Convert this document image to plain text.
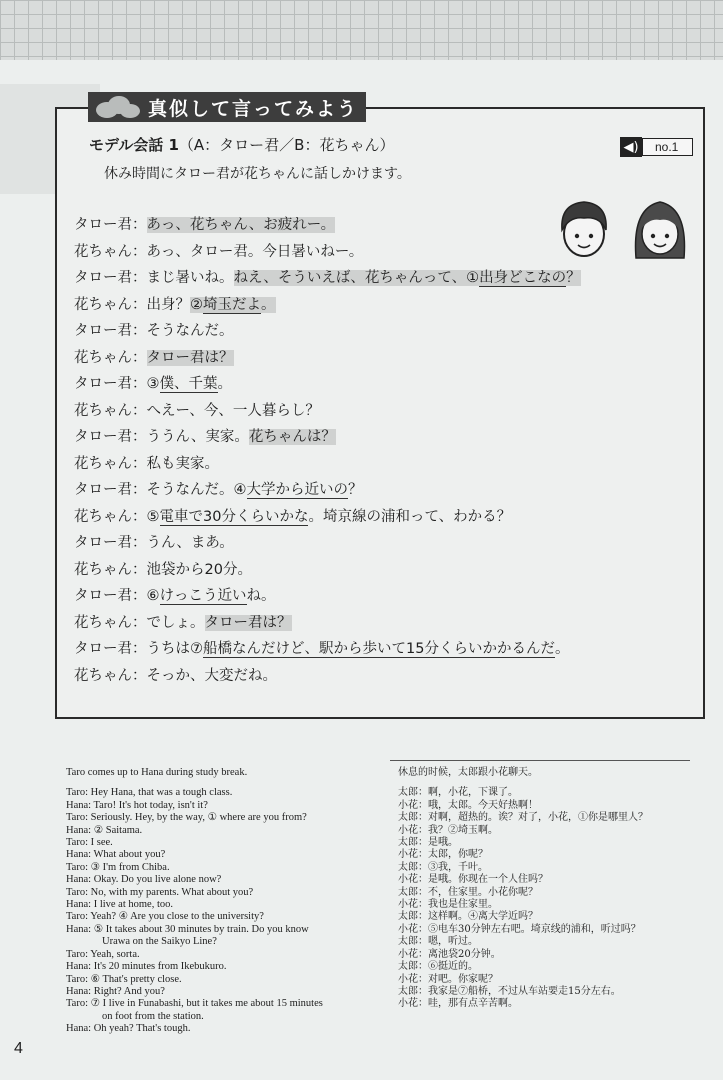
真似して言ってみよう
モデル会話 1（A：タロー君／B：花ちゃん）	◀)	no.1
休み時間にタロー君が花ちゃんに話しかけます。
タロー君：あっ、花ちゃん、お疲れー。
花ちゃん：あっ、タロー君。今日暑いねー。
タロー君：まじ暑いね。ねえ、そういえば、花ちゃんって、①出身どこなの？
花ちゃん：出身？②埼玉だよ。
タロー君：そうなんだ。
花ちゃん：タロー君は？
タロー君：③僕、千葉。
花ちゃん：へえー、今、一人暮らし？
タロー君：ううん、実家。花ちゃんは？
花ちゃん：私も実家。
タロー君：そうなんだ。④大学から近いの？
花ちゃん：⑤電車で30分くらいかな。埼京線の浦和って、わかる？
タロー君：うん、まあ。
花ちゃん：池袋から20分。
タロー君：⑥けっこう近いね。
花ちゃん：でしょ。タロー君は？
タロー君：うちは⑦船橋なんだけど、駅から歩いて15分くらいかかるんだ。
花ちゃん：そっか、大変だね。
Taro comes up to Hana during study break.
Taro: Hey Hana, that was a tough class.
Hana: Taro! It's hot today, isn't it?
Taro: Seriously. Hey, by the way, ① where are you from?
Hana: ② Saitama.
Taro: I see.
Hana: What about you?
Taro: ③ I'm from Chiba.
Hana: Okay. Do you live alone now?
Taro: No, with my parents. What about you?
Hana: I live at home, too.
Taro: Yeah? ④ Are you close to the university?
Hana: ⑤ It takes about 30 minutes by train. Do you know
Urawa on the Saikyo Line?
Taro: Yeah, sorta.
Hana: It's 20 minutes from Ikebukuro.
Taro: ⑥ That's pretty close.
Hana: Right? And you?
Taro: ⑦ I live in Funabashi, but it takes me about 15 minutes
on foot from the station.
Hana: Oh yeah? That's tough.
休息的时候，太郎跟小花聊天。
太郎：啊，小花，下课了。
小花：哦，太郎。今天好热啊！
太郎：对啊，超热的。诶？对了，小花，①你是哪里人？
小花：我？②埼玉啊。
太郎：是哦。
小花：太郎，你呢？
太郎：③我，千叶。
小花：是哦。你现在一个人住吗？
太郎：不，住家里。小花你呢？
小花：我也是住家里。
太郎：这样啊。④离大学近吗？
小花：⑤电车30分钟左右吧。埼京线的浦和，听过吗？
太郎：嗯，听过。
小花：离池袋20分钟。
太郎：⑥挺近的。
小花：对吧。你家呢？
太郎：我家是⑦船桥，不过从车站要走15分左右。
小花：哇，那有点辛苦啊。
4
